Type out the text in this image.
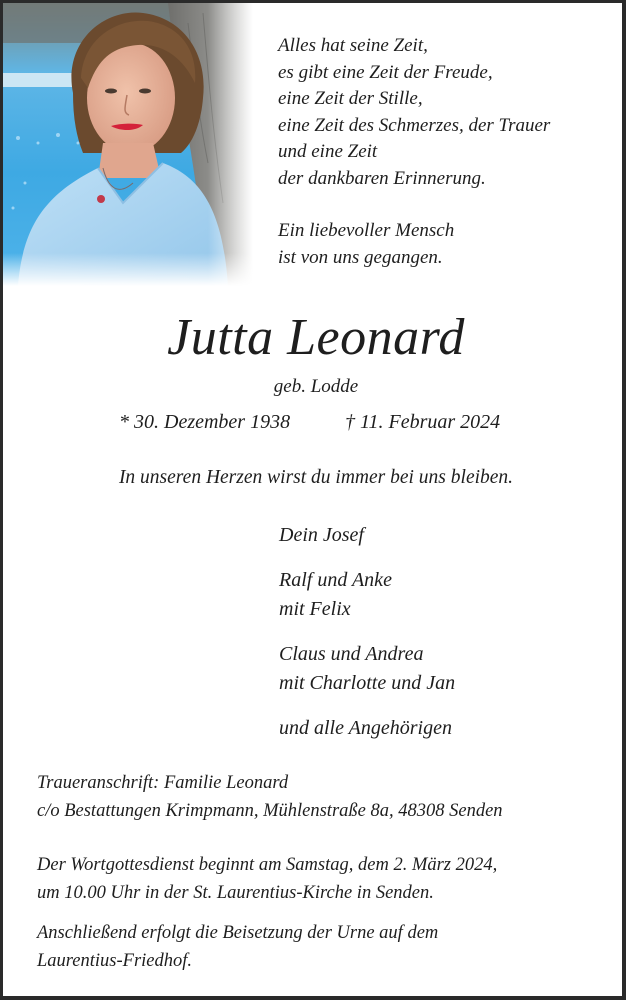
Alles hat seine Zeit,
es gibt eine Zeit der Freude,
eine Zeit der Stille,
eine Zeit des Schmerzes, der Trauer
und eine Zeit
der dankbaren Erinnerung.
Ein liebevoller Mensch
ist von uns gegangen.
Jutta Leonard
geb. Lodde
* 30. Dezember 1938	† 11. Februar 2024
In unseren Herzen wirst du immer bei uns bleiben.
Dein Josef
Ralf und Anke
mit Felix
Claus und Andrea
mit Charlotte und Jan
und alle Angehörigen
Traueranschrift: Familie Leonard
c/o Bestattungen Krimpmann, Mühlenstraße 8a, 48308 Senden
Der Wortgottesdienst beginnt am Samstag, dem 2. März 2024,
um 10.00 Uhr in der St. Laurentius-Kirche in Senden.
Anschließend erfolgt die Beisetzung der Urne auf dem
Laurentius-Friedhof.
